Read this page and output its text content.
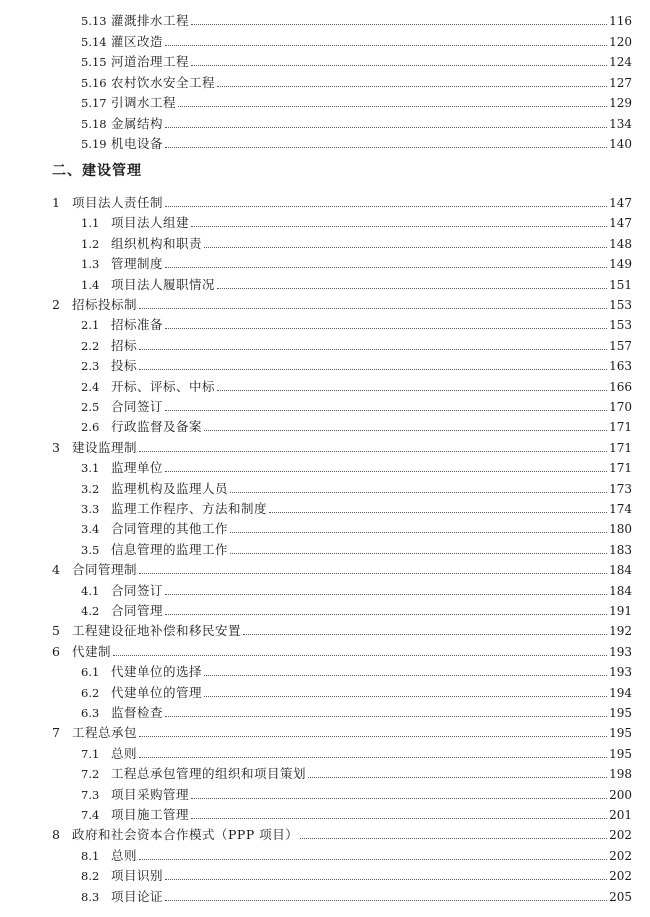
5.13 灌溉排水工程	116
5.14 灌区改造	120
5.15 河道治理工程	124
5.16 农村饮水安全工程	127
5.17 引调水工程	129
5.18 金属结构	134
5.19 机电设备	140
二、建设管理
1 项目法人责任制	147
1.1 项目法人组建	147
1.2 组织机构和职责	148
1.3 管理制度	149
1.4 项目法人履职情况	151
2 招标投标制	153
2.1 招标准备	153
2.2 招标	157
2.3 投标	163
2.4 开标、评标、中标	166
2.5 合同签订	170
2.6 行政监督及备案	171
3 建设监理制	171
3.1 监理单位	171
3.2 监理机构及监理人员	173
3.3 监理工作程序、方法和制度	174
3.4 合同管理的其他工作	180
3.5 信息管理的监理工作	183
4 合同管理制	184
4.1 合同签订	184
4.2 合同管理	191
5 工程建设征地补偿和移民安置	192
6 代建制	193
6.1 代建单位的选择	193
6.2 代建单位的管理	194
6.3 监督检查	195
7 工程总承包	195
7.1 总则	195
7.2 工程总承包管理的组织和项目策划	198
7.3 项目采购管理	200
7.4 项目施工管理	201
8 政府和社会资本合作模式（PPP 项目）	202
8.1 总则	202
8.2 项目识别	202
8.3 项目论证	205
